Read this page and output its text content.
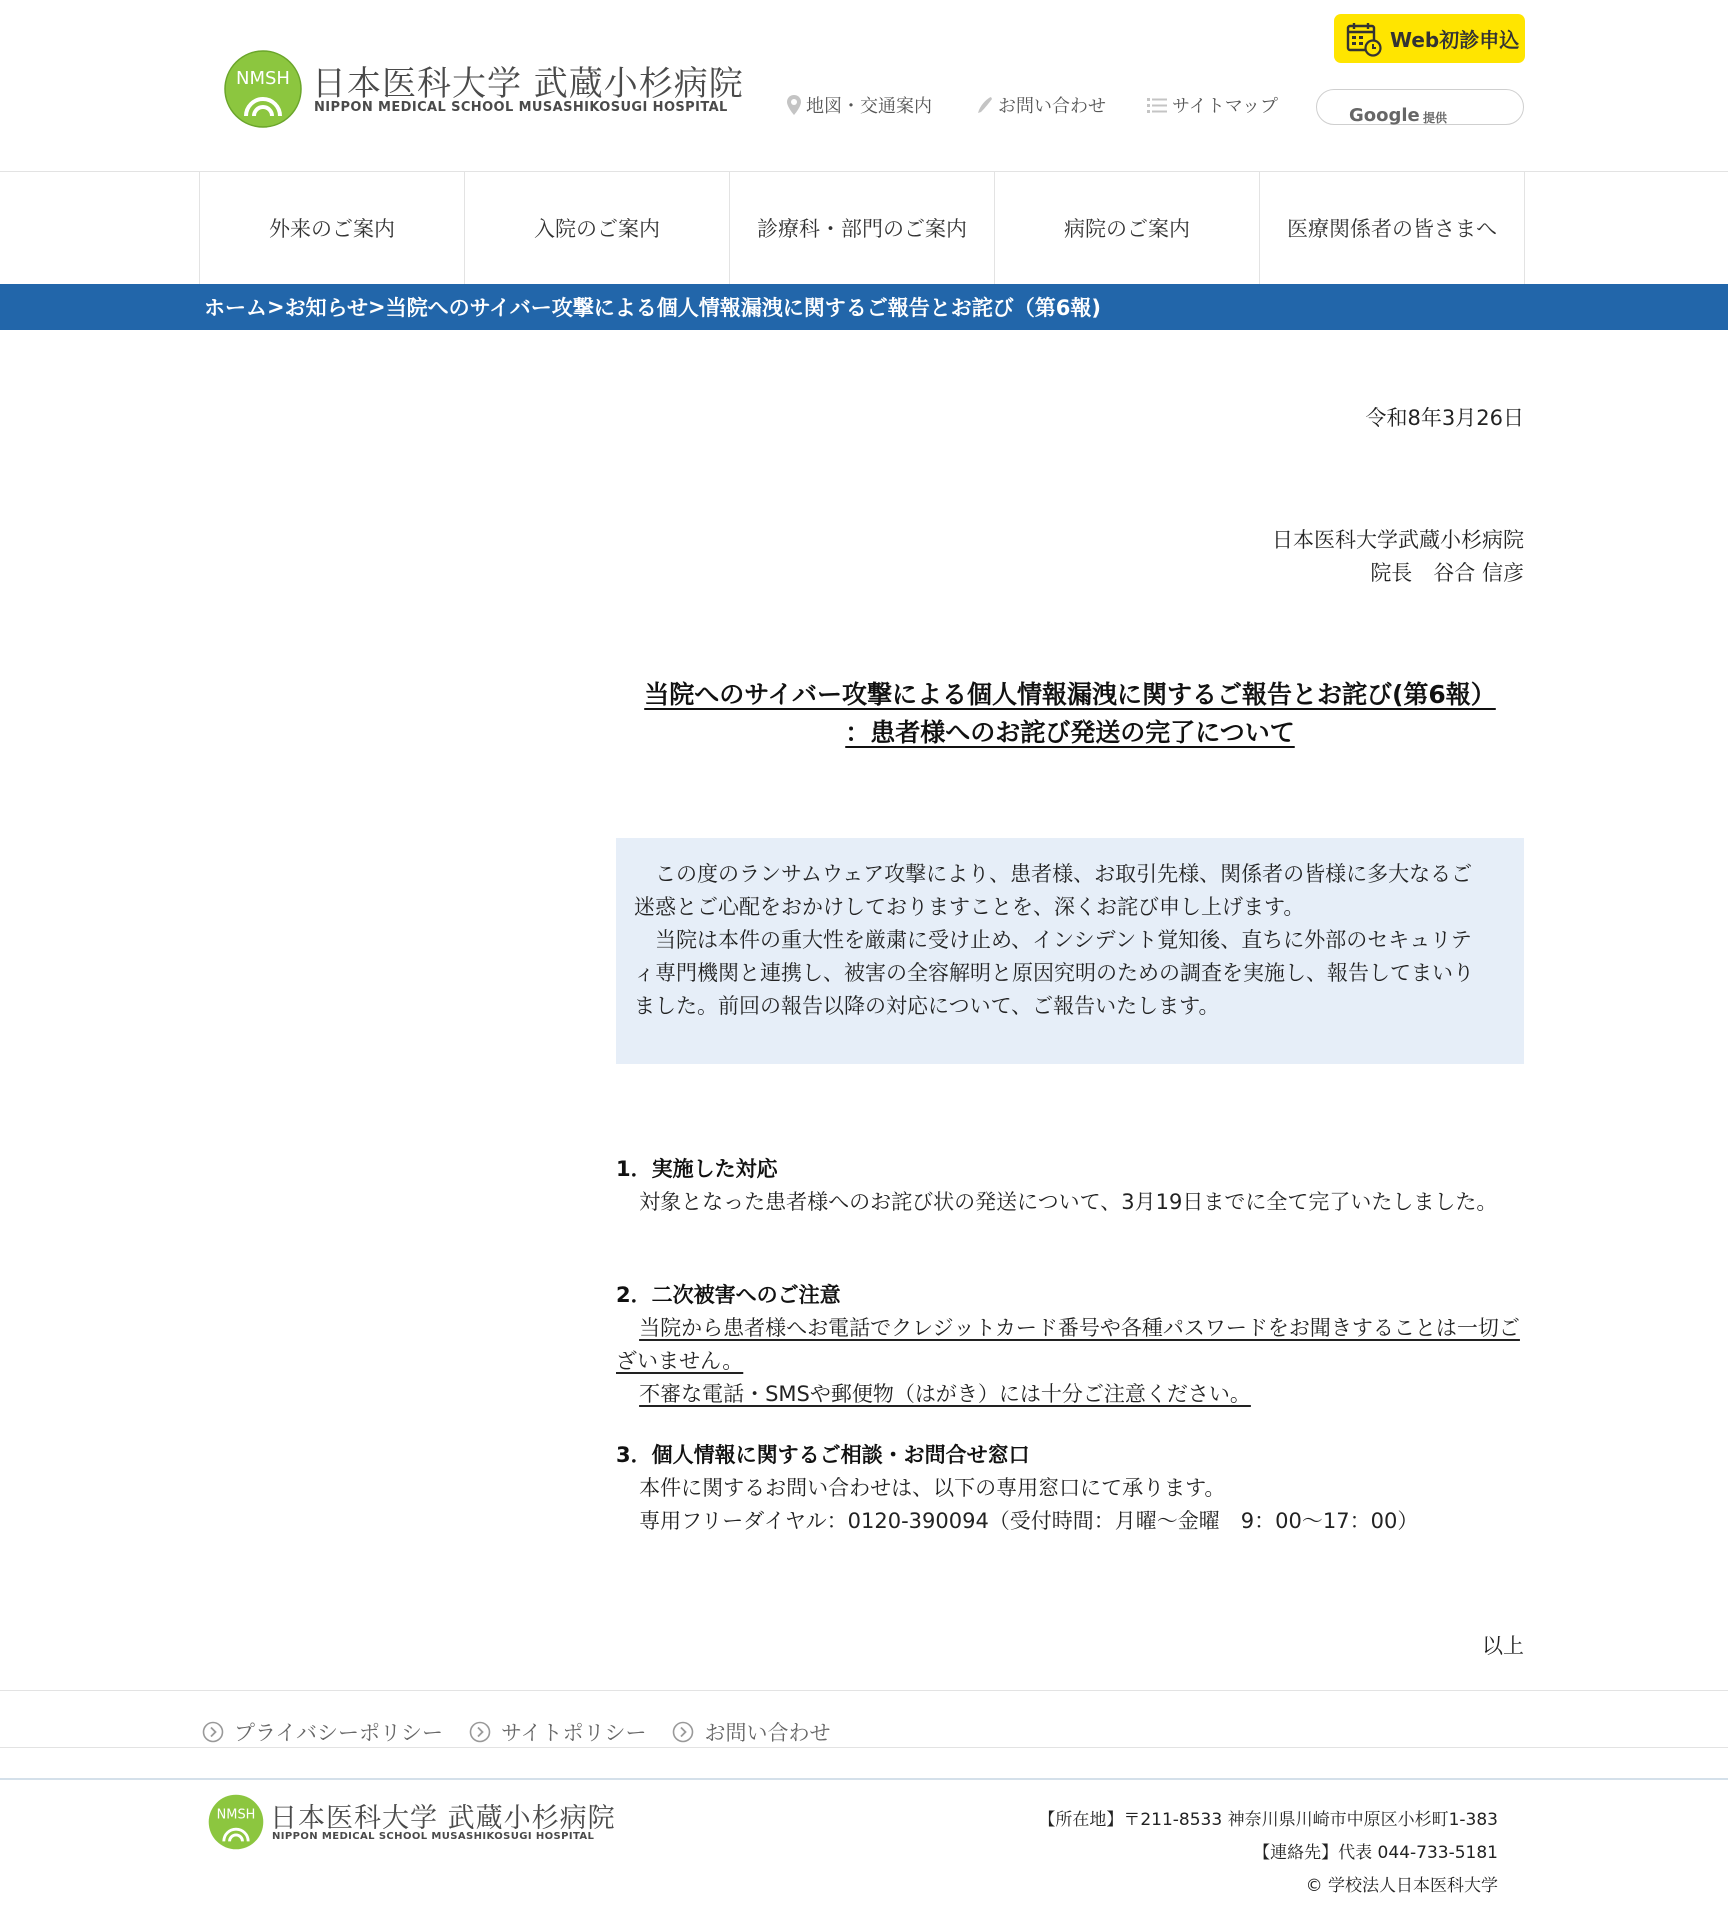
NMSH 日本医科大学 武蔵小杉病院
NIPPON MEDICAL SCHOOL MUSASHIKOSUGI HOSPITAL
Web初診申込
地図・交通案内	お問い合わせ	サイトマップ	Google 提供
外来のご案内	入院のご案内	診療科・部門のご案内	病院のご案内	医療関係者の皆さまへ
ホーム > お知らせ > 当院へのサイバー攻撃による個人情報漏洩に関するご報告とお詫び（第6報)
令和8年3月26日
日本医科大学武蔵小杉病院
院長　谷合 信彦
当院へのサイバー攻撃による個人情報漏洩に関するご報告とお詫び(第6報）
：患者様へのお詫び発送の完了について

この度のランサムウェア攻撃により、患者様、お取引先様、関係者の皆様に多大なるご迷惑とご心配をおかけしておりますことを、深くお詫び申し上げます。

当院は本件の重大性を厳粛に受け止め、インシデント覚知後、直ちに外部のセキュリティ専門機関と連携し、被害の全容解明と原因究明のための調査を実施し、報告してまいりました。前回の報告以降の対応について、ご報告いたします。

1．実施した対応

対象となった患者様へのお詫び状の発送について、3月19日までに全て完了いたしました。

2．二次被害へのご注意

当院から患者様へお電話でクレジットカード番号や各種パスワードをお聞きすることは一切ございません。

不審な電話・SMSや郵便物（はがき）には十分ご注意ください。

3．個人情報に関するご相談・お問合せ窓口

本件に関するお問い合わせは、以下の専用窓口にて承ります。

専用フリーダイヤル：0120-390094（受付時間：月曜～金曜　9：00～17：00）

以上
プライバシーポリシー	サイトポリシー	お問い合わせ
NMSH 日本医科大学 武蔵小杉病院
NIPPON MEDICAL SCHOOL MUSASHIKOSUGI HOSPITAL
【所在地】〒211-8533 神奈川県川崎市中原区小杉町1-383
【連絡先】代表 044-733-5181
© 学校法人日本医科大学
